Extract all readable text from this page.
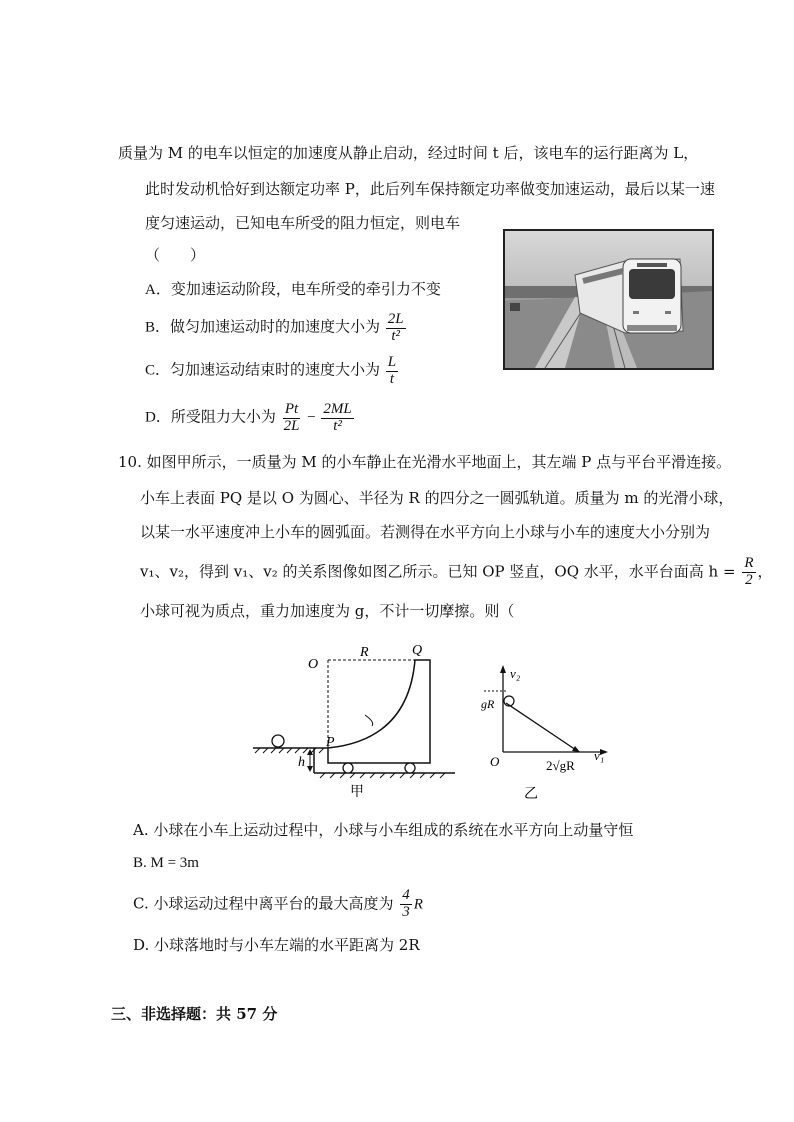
质量为 M 的电车以恒定的加速度从静止启动，经过时间 t 后，该电车的运行距离为 L，
此时发动机恰好到达额定功率 P，此后列车保持额定功率做变加速运动，最后以某一速
度匀速运动，已知电车所受的阻力恒定，则电车
（　　）
A．变加速运动阶段，电车所受的牵引力不变
B．做匀加速运动时的加速度大小为 $\frac{2L}{\text{t²}}$
C．匀加速运动结束时的速度大小为 $\frac{L}{t}$
D．所受阻力大小为 $\frac{Pt}{2L} - \frac{2ML}{\text{t²}}$
10. 如图甲所示，一质量为 M 的小车静止在光滑水平地面上，其左端 P 点与平台平滑连接。
小车上表面 PQ 是以 O 为圆心、半径为 R 的四分之一圆弧轨道。质量为 m 的光滑小球，
以某一水平速度冲上小车的圆弧面。若测得在水平方向上小球与小车的速度大小分别为
v₁、v₂，得到 v₁、v₂ 的关系图像如图乙所示。已知 OP 竖直，OQ 水平，水平台面高 $h = \frac{R}{2}$ ，
小球可视为质点，重力加速度为 g，不计一切摩擦。则（
O
R	Q
P
h
甲
v₂
gR
O	v₁
2√gR
乙
A. 小球在小车上运动过程中，小球与小车组成的系统在水平方向上动量守恒
B. M = 3m
C. 小球运动过程中离平台的最大高度为 $\frac{4}{3}$ R
D. 小球落地时与小车左端的水平距离为 2R
三、非选择题：共 57 分
